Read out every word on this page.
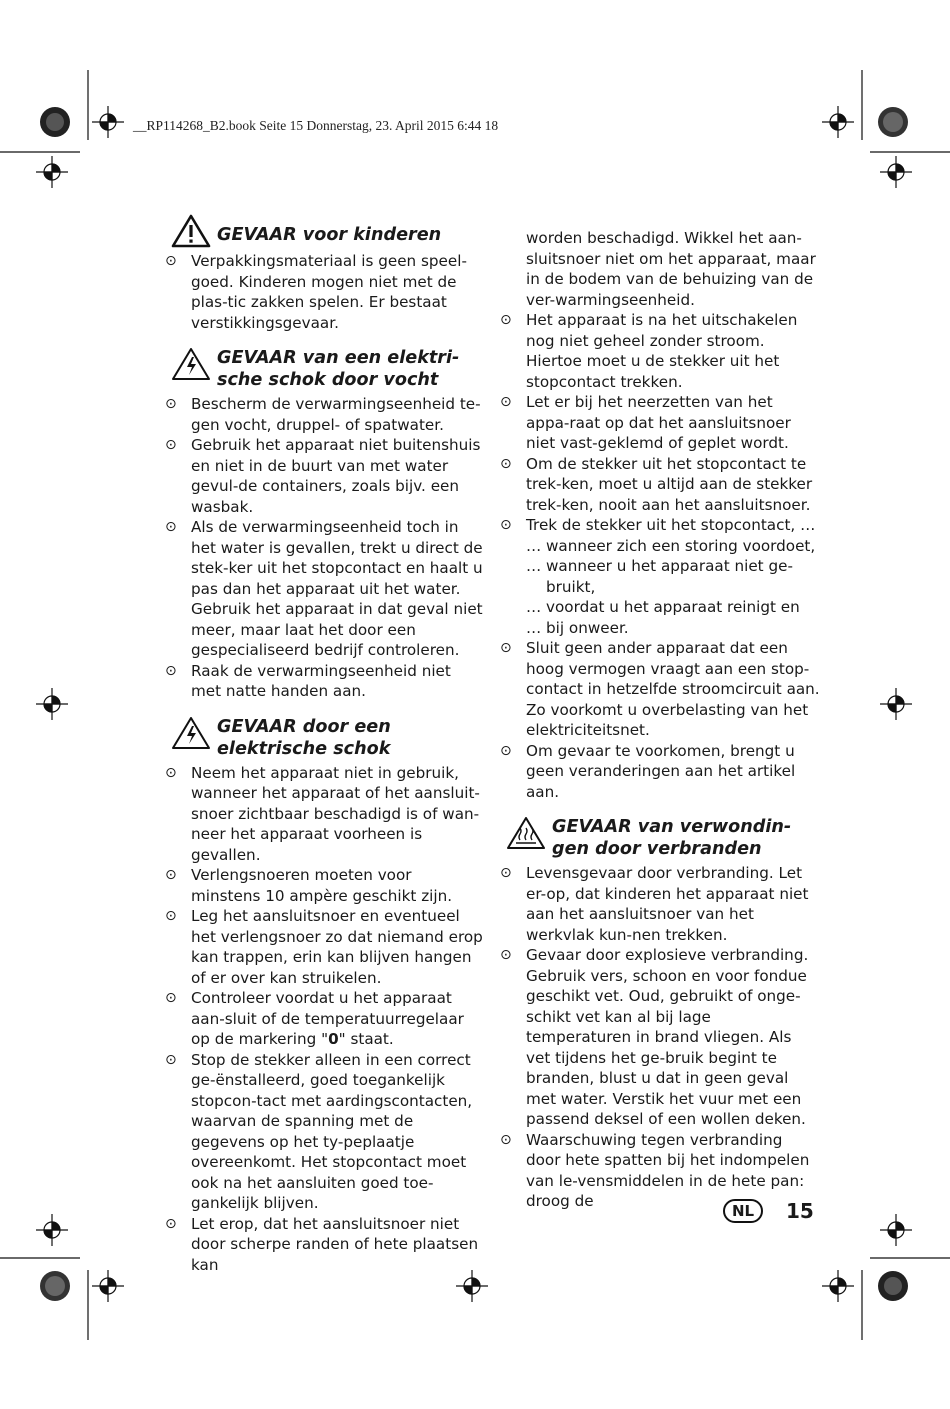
__RP114268_B2.book Seite 15 Donnerstag, 23. April 2015 6:44 18
GEVAAR voor kinderen
⊙ Verpakkingsmateriaal is geen speel-goed. Kinderen mogen niet met de plas-tic zakken spelen. Er bestaat verstikkingsgevaar.
GEVAAR van een elektri-
sche schok door vocht
⊙ Bescherm de verwarmingseenheid te-gen vocht, druppel- of spatwater.
⊙ Gebruik het apparaat niet buitenshuis en niet in de buurt van met water gevul-de containers, zoals bijv. een wasbak.
⊙ Als de verwarmingseenheid toch in het water is gevallen, trekt u direct de stek-ker uit het stopcontact en haalt u pas dan het apparaat uit het water. Gebruik het apparaat in dat geval niet meer, maar laat het door een gespecialiseerd bedrijf controleren.
⊙ Raak de verwarmingseenheid niet met natte handen aan.
GEVAAR door een
elektrische schok
⊙ Neem het apparaat niet in gebruik, wanneer het apparaat of het aansluit-snoer zichtbaar beschadigd is of wan-neer het apparaat voorheen is gevallen.
⊙ Verlengsnoeren moeten voor minstens 10 ampère geschikt zijn.
⊙ Leg het aansluitsnoer en eventueel het verlengsnoer zo dat niemand erop kan trappen, erin kan blijven hangen of er over kan struikelen.
⊙ Controleer voordat u het apparaat aan-sluit of de temperatuurregelaar op de markering "0" staat.
⊙ Stop de stekker alleen in een correct ge-ënstalleerd, goed toegankelijk stopcon-tact met aardingscontacten, waarvan de spanning met de gegevens op het ty-peplaatje overeenkomt. Het stopcontact moet ook na het aansluiten goed toe-gankelijk blijven.
⊙ Let erop, dat het aansluitsnoer niet door scherpe randen of hete plaatsen kan
worden beschadigd. Wikkel het aan-sluitsnoer niet om het apparaat, maar in de bodem van de behuizing van de ver-warmingseenheid.
⊙ Het apparaat is na het uitschakelen nog niet geheel zonder stroom. Hiertoe moet u de stekker uit het stopcontact trekken.
⊙ Let er bij het neerzetten van het appa-raat op dat het aansluitsnoer niet vast-geklemd of geplet wordt.
⊙ Om de stekker uit het stopcontact te trek-ken, moet u altijd aan de stekker trek-ken, nooit aan het aansluitsnoer.
⊙ Trek de stekker uit het stopcontact, …
… wanneer zich een storing voordoet,
… wanneer u het apparaat niet ge-
bruikt,
… voordat u het apparaat reinigt en
… bij onweer.
⊙ Sluit geen ander apparaat dat een hoog vermogen vraagt aan een stop-contact in hetzelfde stroomcircuit aan. Zo voorkomt u overbelasting van het elektriciteitsnet.
⊙ Om gevaar te voorkomen, brengt u geen veranderingen aan het artikel aan.
GEVAAR van verwondin-
gen door verbranden
⊙ Levensgevaar door verbranding. Let er-op, dat kinderen het apparaat niet aan het aansluitsnoer van het werkvlak kun-nen trekken.
⊙ Gevaar door explosieve verbranding. Gebruik vers, schoon en voor fondue geschikt vet. Oud, gebruikt of onge-schikt vet kan al bij lage temperaturen in brand vliegen. Als vet tijdens het ge-bruik begint te branden, blust u dat in geen geval met water. Verstik het vuur met een passend deksel of een wollen deken.
⊙ Waarschuwing tegen verbranding door hete spatten bij het indompelen van le-vensmiddelen in de hete pan: droog de
NL	15
